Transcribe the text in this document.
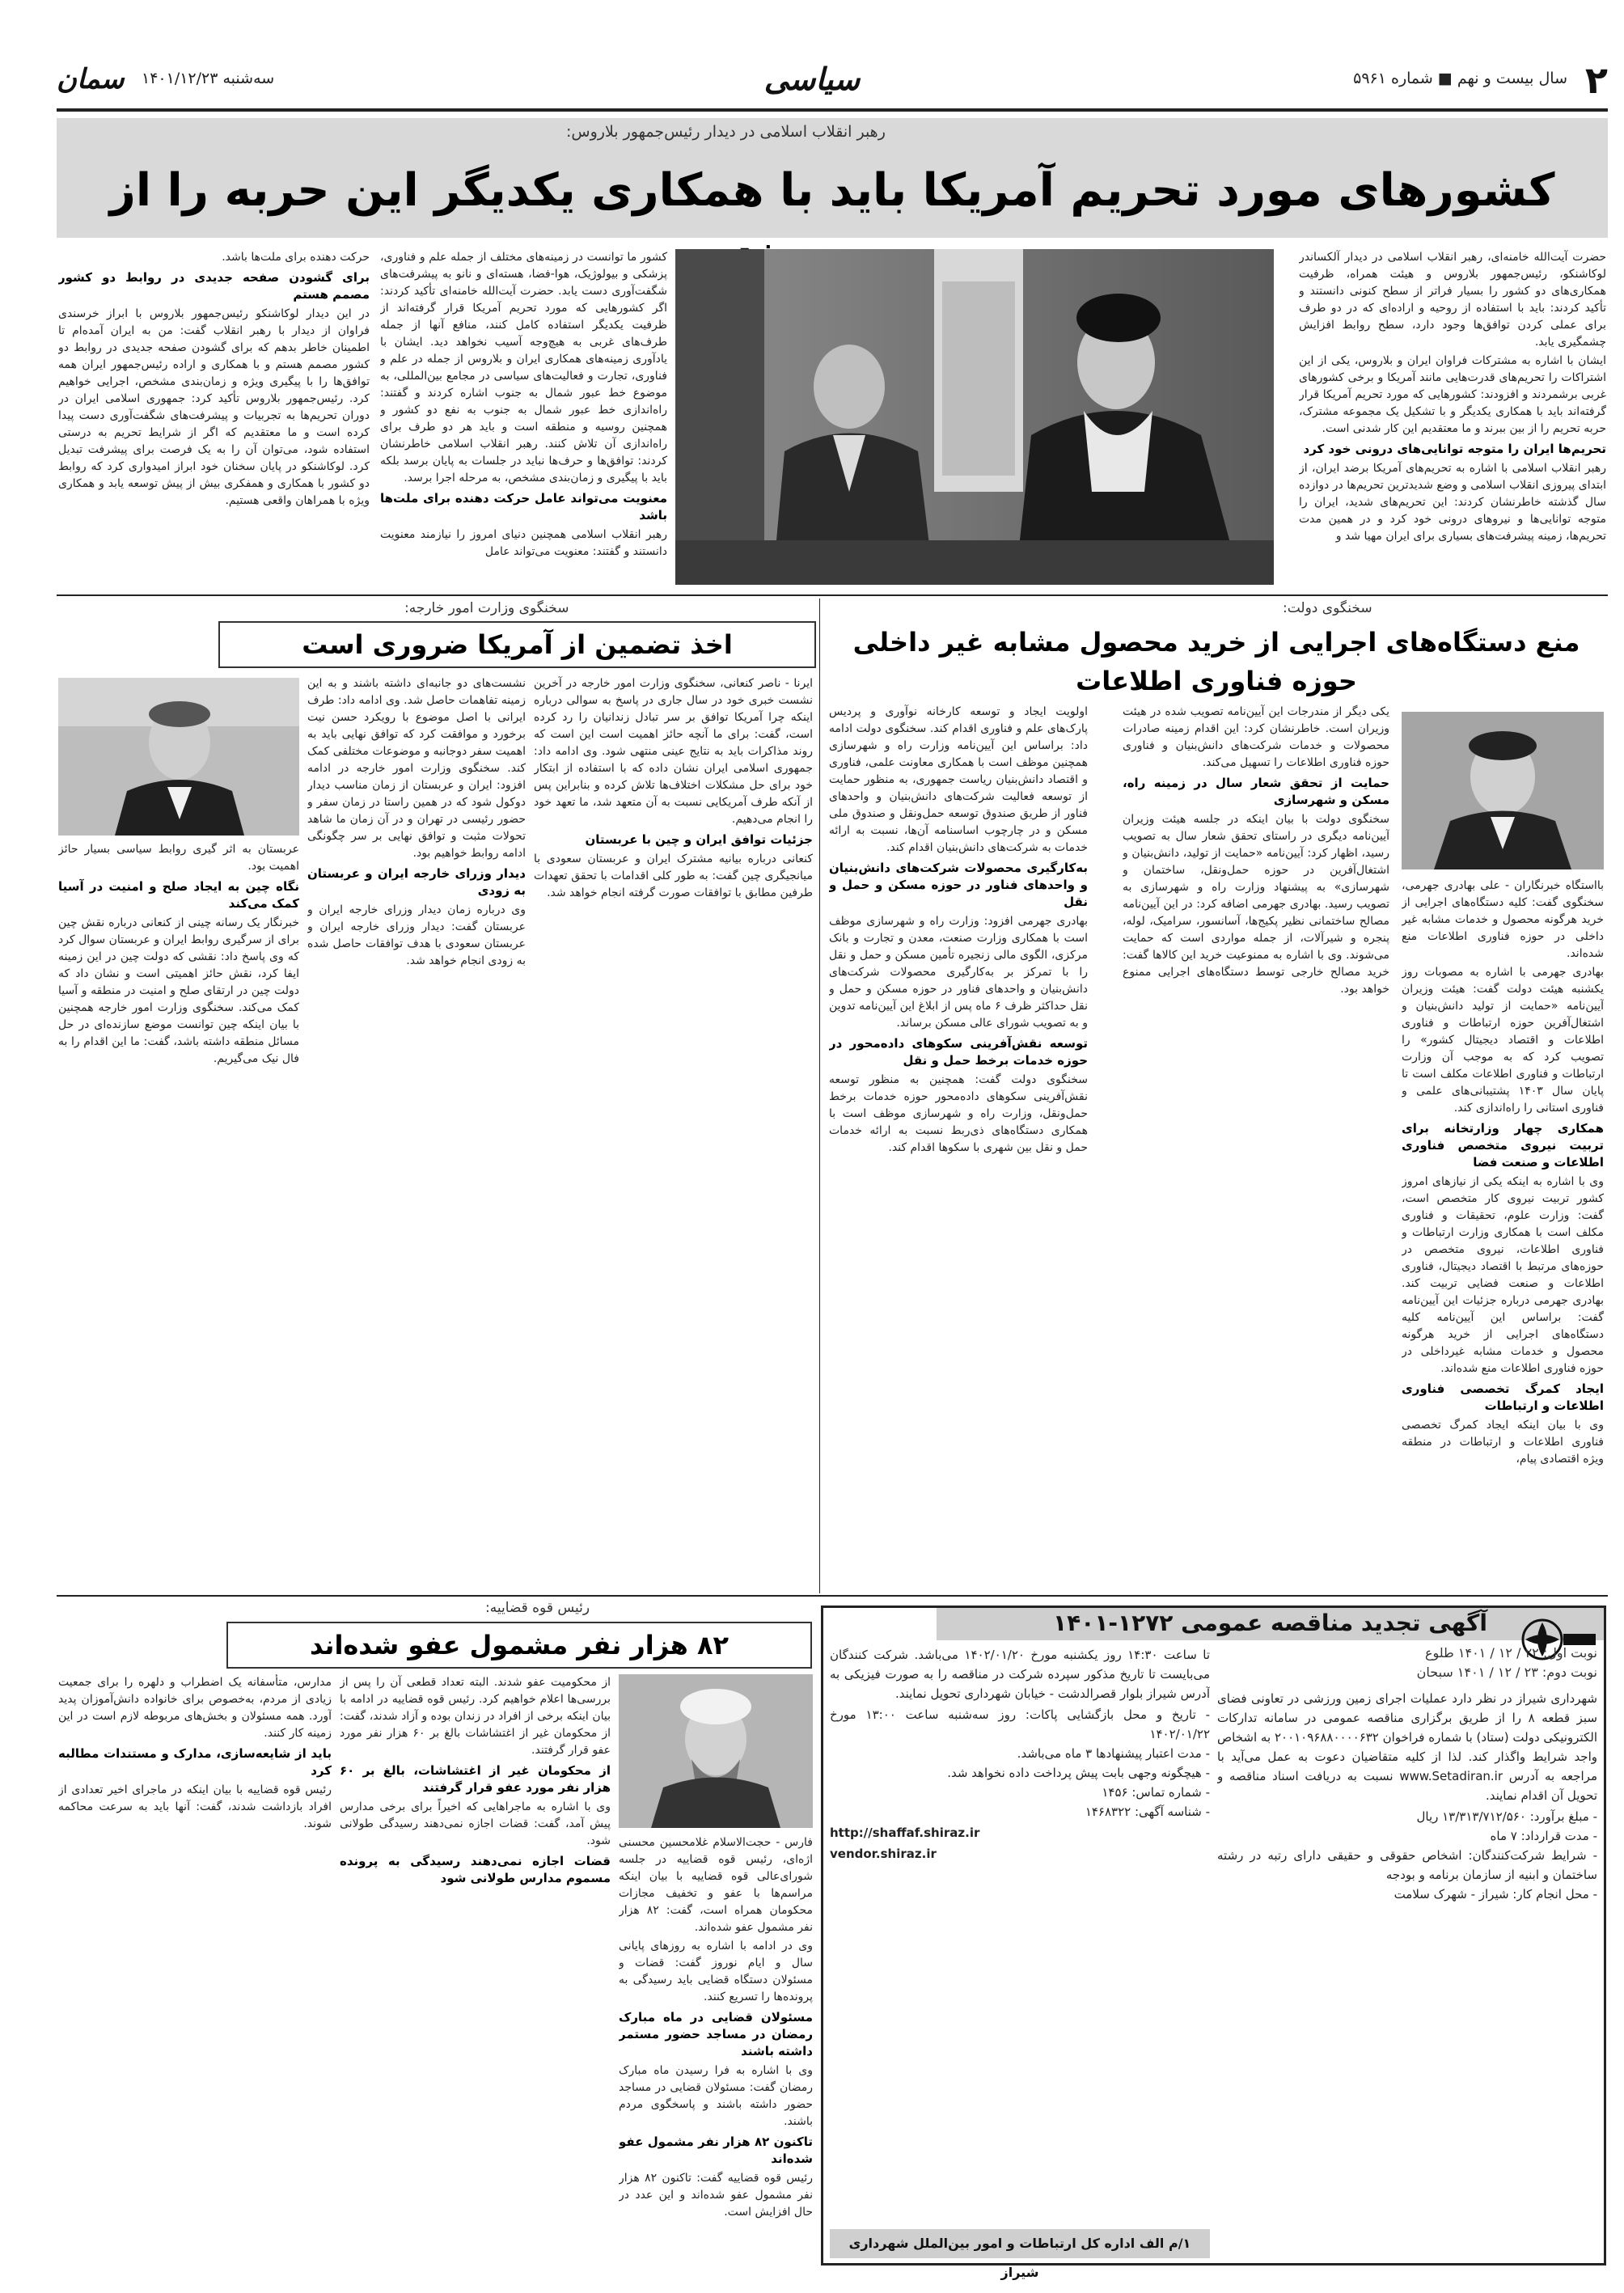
۲
سال بیست و نهم ■ شماره ۵۹۶۱
سیاسی
سه‌شنبه ۱۴۰۱/۱۲/۲۳
سمان
رهبر انقلاب اسلامی در دیدار رئیس‌جمهور بلاروس:
کشورهای مورد تحریم آمریکا باید با همکاری یکدیگر این حربه را از

حضرت آیت‌الله خامنه‌ای، رهبر انقلاب اسلامی در دیدار آلکساندر لوکاشنکو، رئیس‌جمهور بلاروس و هیئت همراه، ظرفیت همکاری‌های دو کشور را بسیار فراتر از سطح کنونی دانستند و تأکید کردند: باید با استفاده از روحیه و اراده‌ای که در دو طرف برای عملی کردن توافق‌ها وجود دارد، سطح روابط افزایش چشمگیری یابد.

ایشان با اشاره به مشترکات فراوان ایران و بلاروس، یکی از این اشتراکات را تحریم‌های قدرت‌هایی مانند آمریکا و برخی کشورهای غربی برشمردند و افزودند: کشورهایی که مورد تحریم آمریکا قرار گرفته‌اند باید با همکاری یکدیگر و با تشکیل یک مجموعه مشترک، حربه تحریم را از بین ببرند و ما معتقدیم این کار شدنی است.

تحریم‌ها ایران را متوجه توانایی‌های درونی خود کرد

رهبر انقلاب اسلامی با اشاره به تحریم‌های آمریکا برضد ایران، از ابتدای پیروزی انقلاب اسلامی و وضع شدیدترین تحریم‌ها در دوازده سال گذشته خاطرنشان کردند: این تحریم‌های شدید، ایران را متوجه توانایی‌ها و نیروهای درونی خود کرد و در همین مدت تحریم‌ها، زمینه پیشرفت‌های بسیاری برای ایران مهیا شد و

کشور ما توانست در زمینه‌های مختلف از جمله علم و فناوری، پزشکی و بیولوژیک، هوا-فضا، هسته‌ای و نانو به پیشرفت‌های شگفت‌آوری دست یابد. حضرت آیت‌الله خامنه‌ای تأکید کردند: اگر کشورهایی که مورد تحریم آمریکا قرار گرفته‌اند از ظرفیت یکدیگر استفاده کامل کنند، منافع آنها از جمله طرف‌های غربی به هیچ‌وجه آسیب نخواهد دید. ایشان با یادآوری زمینه‌های همکاری ایران و بلاروس از جمله در علم و فناوری، تجارت و فعالیت‌های سیاسی در مجامع بین‌المللی، به موضوع خط عبور شمال به جنوب اشاره کردند و گفتند: راه‌اندازی خط عبور شمال به جنوب به نفع دو کشور و همچنین روسیه و منطقه است و باید هر دو طرف برای راه‌اندازی آن تلاش کنند. رهبر انقلاب اسلامی خاطرنشان کردند: توافق‌ها و حرف‌ها نباید در جلسات به پایان برسد بلکه باید با پیگیری و زمان‌بندی مشخص، به مرحله اجرا برسد.

معنویت می‌تواند عامل حرکت دهنده برای ملت‌ها باشد

رهبر انقلاب اسلامی همچنین دنیای امروز را نیازمند معنویت دانستند و گفتند: معنویت می‌تواند عامل

حرکت دهنده برای ملت‌ها باشد.

برای گشودن صفحه جدیدی در روابط دو کشور مصمم هستم

در این دیدار لوکاشنکو رئیس‌جمهور بلاروس با ابراز خرسندی فراوان از دیدار با رهبر انقلاب گفت: من به ایران آمده‌ام تا اطمینان خاطر بدهم که برای گشودن صفحه جدیدی در روابط دو کشور مصمم هستم و با همکاری و اراده رئیس‌جمهور ایران همه توافق‌ها را با پیگیری ویژه و زمان‌بندی مشخص، اجرایی خواهیم کرد. رئیس‌جمهور بلاروس تأکید کرد: جمهوری اسلامی ایران در دوران تحریم‌ها به تجربیات و پیشرفت‌های شگفت‌آوری دست پیدا کرده است و ما معتقدیم که اگر از شرایط تحریم به درستی استفاده شود، می‌توان آن را به یک فرصت برای پیشرفت تبدیل کرد. لوکاشنکو در پایان سخنان خود ابراز امیدواری کرد که روابط دو کشور با همکاری و همفکری بیش از پیش توسعه یابد و همکاری ویژه با همراهان واقعی هستیم.

سخنگوی دولت:
منع دستگاه‌های اجرایی از خرید محصول مشابه غیر داخلی
حوزه فناوری اطلاعات

بااستگاه خبرنگاران - علی بهادری جهرمی، سخنگوی گفت: کلیه دستگاه‌های اجرایی از خرید هرگونه محصول و خدمات مشابه غیر داخلی در حوزه فناوری اطلاعات منع شده‌اند.

بهادری جهرمی با اشاره به مصوبات روز یکشنبه هیئت دولت گفت: هیئت وزیران آیین‌نامه «حمایت از تولید دانش‌بنیان و اشتغال‌آفرین حوزه ارتباطات و فناوری اطلاعات و اقتصاد دیجیتال کشور» را تصویب کرد که به موجب آن وزارت ارتباطات و فناوری اطلاعات مکلف است تا پایان سال ۱۴۰۳ پشتیبانی‌های علمی و فناوری استانی را راه‌اندازی کند.

همکاری چهار وزارتخانه برای تربیت نیروی متخصص فناوری اطلاعات و صنعت فضا

وی با اشاره به اینکه یکی از نیازهای امروز کشور تربیت نیروی کار متخصص است، گفت: وزارت علوم، تحقیقات و فناوری مکلف است با همکاری وزارت ارتباطات و فناوری اطلاعات، نیروی متخصص در حوزه‌های مرتبط با اقتصاد دیجیتال، فناوری اطلاعات و صنعت فضایی تربیت کند. بهادری جهرمی درباره جزئیات این آیین‌نامه گفت: براساس این آیین‌نامه کلیه دستگاه‌های اجرایی از خرید هرگونه محصول و خدمات مشابه غیرداخلی در حوزه فناوری اطلاعات منع شده‌اند.

ایجاد کمرگ تخصصی فناوری اطلاعات و ارتباطات

وی با بیان اینکه ایجاد کمرگ تخصصی فناوری اطلاعات و ارتباطات در منطقه ویژه اقتصادی پیام،

یکی دیگر از مندرجات این آیین‌نامه تصویب شده در هیئت وزیران است. خاطرنشان کرد: این اقدام زمینه صادرات محصولات و خدمات شرکت‌های دانش‌بنیان و فناوری حوزه فناوری اطلاعات را تسهیل می‌کند.

حمایت از تحقق شعار سال در زمینه راه، مسکن و شهرسازی

سخنگوی دولت با بیان اینکه در جلسه هیئت وزیران آیین‌نامه دیگری در راستای تحقق شعار سال به تصویب رسید، اظهار کرد: آیین‌نامه «حمایت از تولید، دانش‌بنیان و اشتغال‌آفرین در حوزه حمل‌ونقل، ساختمان و شهرسازی» به پیشنهاد وزارت راه و شهرسازی به تصویب رسید. بهادری جهرمی اضافه کرد: در این آیین‌نامه مصالح ساختمانی نظیر پکیج‌ها، آسانسور، سرامیک، لوله، پنجره و شیرآلات، از جمله مواردی است که حمایت می‌شوند. وی با اشاره به ممنوعیت خرید این کالاها گفت: خرید مصالح خارجی توسط دستگاه‌های اجرایی ممنوع خواهد بود.

اولویت ایجاد و توسعه کارخانه نوآوری و پردیس پارک‌های علم و فناوری اقدام کند. سخنگوی دولت ادامه داد: براساس این آیین‌نامه وزارت راه و شهرسازی همچنین موظف است با همکاری معاونت علمی، فناوری و اقتصاد دانش‌بنیان ریاست جمهوری، به منظور حمایت از توسعه فعالیت شرکت‌های دانش‌بنیان و واحدهای فناور از طریق صندوق توسعه حمل‌ونقل و صندوق ملی مسکن و در چارچوب اساسنامه آن‌ها، نسبت به ارائه خدمات به شرکت‌های دانش‌بنیان اقدام کند.

به‌کارگیری محصولات شرکت‌های دانش‌بنیان و واحدهای فناور در حوزه مسکن و حمل و نقل

بهادری جهرمی افزود: وزارت راه و شهرسازی موظف است با همکاری وزارت صنعت، معدن و تجارت و بانک مرکزی، الگوی مالی زنجیره تأمین مسکن و حمل و نقل را با تمرکز بر به‌کارگیری محصولات شرکت‌های دانش‌بنیان و واحدهای فناور در حوزه مسکن و حمل و نقل حداکثر ظرف ۶ ماه پس از ابلاغ این آیین‌نامه تدوین و به تصویب شورای عالی مسکن برساند.

توسعه نقش‌آفرینی سکوهای داده‌محور در حوزه خدمات برخط حمل و نقل

سخنگوی دولت گفت: همچنین به منظور توسعه نقش‌آفرینی سکوهای داده‌محور حوزه خدمات برخط حمل‌ونقل، وزارت راه و شهرسازی موظف است با همکاری دستگاه‌های ذی‌ربط نسبت به ارائه خدمات حمل و نقل بین شهری با سکوها اقدام کند.

سخنگوی وزارت امور خارجه:
اخذ تضمین از آمریکا ضروری است

ایرنا - ناصر کنعانی، سخنگوی وزارت امور خارجه در آخرین نشست خبری خود در سال جاری در پاسخ به سوالی درباره اینکه چرا آمریکا توافق بر سر تبادل زندانیان را رد کرده است، گفت: برای ما آنچه حائز اهمیت است این است که روند مذاکرات باید به نتایج عینی منتهی شود. وی ادامه داد: جمهوری اسلامی ایران نشان داده که با استفاده از ابتکار خود برای حل مشکلات اختلاف‌ها تلاش کرده و بنابراین پس از آنکه طرف آمریکایی نسبت به آن متعهد شد، ما تعهد خود را انجام می‌دهیم.

جزئیات توافق ایران و چین با عربستان

کنعانی درباره بیانیه مشترک ایران و عربستان سعودی با میانجیگری چین گفت: به طور کلی اقدامات با تحقق تعهدات طرفین مطابق با توافقات صورت گرفته انجام خواهد شد.

نشست‌های دو جانبه‌ای داشته باشند و به این زمینه تفاهمات حاصل شد. وی ادامه داد: طرف ایرانی با اصل موضوع با رویکرد حسن نیت برخورد و موافقت کرد که توافق نهایی باید به اهمیت سفر دوجانبه و موضوعات مختلفی کمک کند. سخنگوی وزارت امور خارجه در ادامه افزود: ایران و عربستان از زمان مناسب دیدار دوکول شود که در همین راستا در زمان سفر و حضور رئیسی در تهران و در آن زمان ما شاهد تحولات مثبت و توافق نهایی بر سر چگونگی ادامه روابط خواهیم بود.

دیدار وزرای خارجه ایران و عربستان به زودی

وی درباره زمان دیدار وزرای خارجه ایران و عربستان گفت: دیدار وزرای خارجه ایران و عربستان سعودی با هدف توافقات حاصل شده به زودی انجام خواهد شد.

عربستان به اثر گیری روابط سیاسی بسیار حائز اهمیت بود.

نگاه چین به ایجاد صلح و امنیت در آسیا کمک می‌کند

خبرنگار یک رسانه چینی از کنعانی درباره نقش چین برای از سرگیری روابط ایران و عربستان سوال کرد که وی پاسخ داد: نقشی که دولت چین در این زمینه ایفا کرد، نقش حائز اهمیتی است و نشان داد که دولت چین در ارتقای صلح و امنیت در منطقه و آسیا کمک می‌کند. سخنگوی وزارت امور خارجه همچنین با بیان اینکه چین توانست موضع سازنده‌ای در حل مسائل منطقه داشته باشد، گفت: ما این اقدام را به فال نیک می‌گیریم.

آگهی تجدید مناقصه عمومی ۱۲۷۲-۱۴۰۱
نوبت اول: ۲۲ / ۱۲ / ۱۴۰۱ طلوع
نوبت دوم: ۲۳ / ۱۲ / ۱۴۰۱ سبحان

شهرداری شیراز در نظر دارد عملیات اجرای زمین ورزشی در تعاونی فضای سبز قطعه ۸ را از طریق برگزاری مناقصه عمومی در سامانه تدارکات الکترونیکی دولت (ستاد) با شماره فراخوان ۲۰۰۱۰۹۶۸۸۰۰۰۰۶۳۲ به اشخاص واجد شرایط واگذار کند. لذا از کلیه متقاضیان دعوت به عمل می‌آید با مراجعه به آدرس www.Setadiran.ir نسبت به دریافت اسناد مناقصه و تحویل آن اقدام نمایند.

- مبلغ برآورد: ۱۳/۳۱۳/۷۱۲/۵۶۰ ریال
- مدت قرارداد: ۷ ماه
- شرایط شرکت‌کنندگان: اشخاص حقوقی و حقیقی دارای رتبه در رشته ساختمان و ابنیه از سازمان برنامه و بودجه
- محل انجام کار: شیراز - شهرک سلامت

تا ساعت ۱۴:۳۰ روز یکشنبه مورخ ۱۴۰۲/۰۱/۲۰ می‌باشد. شرکت کنندگان می‌بایست تا تاریخ مذکور سپرده شرکت در مناقصه را به صورت فیزیکی به آدرس شیراز بلوار قصرالدشت - خیابان شهرداری تحویل نمایند.

- تاریخ و محل بازگشایی پاکات: روز سه‌شنبه ساعت ۱۳:۰۰ مورخ ۱۴۰۲/۰۱/۲۲
- مدت اعتبار پیشنهادها ۳ ماه می‌باشد.
- هیچگونه وجهی بابت پیش پرداخت داده نخواهد شد.
- شماره تماس: ۱۴۵۶
- شناسه آگهی: ۱۴۶۸۳۲۲

http://shaffaf.shiraz.ir

vendor.shiraz.ir

۱/م الف اداره کل ارتباطات و امور بین‌الملل شهرداری شیراز
رئیس قوه قضاییه:
۸۲ هزار نفر مشمول عفو شده‌اند

فارس - حجت‌الاسلام غلامحسین محسنی اژه‌ای، رئیس قوه قضاییه در جلسه شورای‌عالی قوه قضاییه با بیان اینکه مراسم‌ها با عفو و تخفیف مجازات محکومان همراه است، گفت: ۸۲ هزار نفر مشمول عفو شده‌اند.

وی در ادامه با اشاره به روزهای پایانی سال و ایام نوروز گفت: قضات و مسئولان دستگاه قضایی باید رسیدگی به پرونده‌ها را تسریع کنند.

مسئولان قضایی در ماه مبارک رمضان در مساجد حضور مستمر داشته باشند

وی با اشاره به فرا رسیدن ماه مبارک رمضان گفت: مسئولان قضایی در مساجد حضور داشته باشند و پاسخگوی مردم باشند.

تاکنون ۸۲ هزار نفر مشمول عفو شده‌اند

رئیس قوه قضاییه گفت: تاکنون ۸۲ هزار نفر مشمول عفو شده‌اند و این عدد در حال افزایش است.

از محکومیت عفو شدند. البته تعداد قطعی آن را پس از بررسی‌ها اعلام خواهیم کرد. رئیس قوه قضاییه در ادامه با بیان اینکه برخی از افراد در زندان بوده و آزاد شدند، گفت: از محکومان غیر از اغتشاشات بالغ بر ۶۰ هزار نفر مورد عفو قرار گرفتند.

از محکومان غیر از اغتشاشات، بالغ بر ۶۰ هزار نفر مورد عفو قرار گرفتند

وی با اشاره به ماجراهایی که اخیراً برای برخی مدارس پیش آمد، گفت: قضات اجازه نمی‌دهند رسیدگی طولانی شود.

قضات اجازه نمی‌دهند رسیدگی به پرونده مسموم مدارس طولانی شود

مدارس، متأسفانه یک اضطراب و دلهره را برای جمعیت زیادی از مردم، به‌خصوص برای خانواده دانش‌آموزان پدید آورد. همه مسئولان و بخش‌های مربوطه لازم است در این زمینه کار کنند.

باید از شایعه‌سازی، مدارک و مستندات مطالبه کرد

رئیس قوه قضاییه با بیان اینکه در ماجرای اخیر تعدادی از افراد بازداشت شدند، گفت: آنها باید به سرعت محاکمه شوند.
